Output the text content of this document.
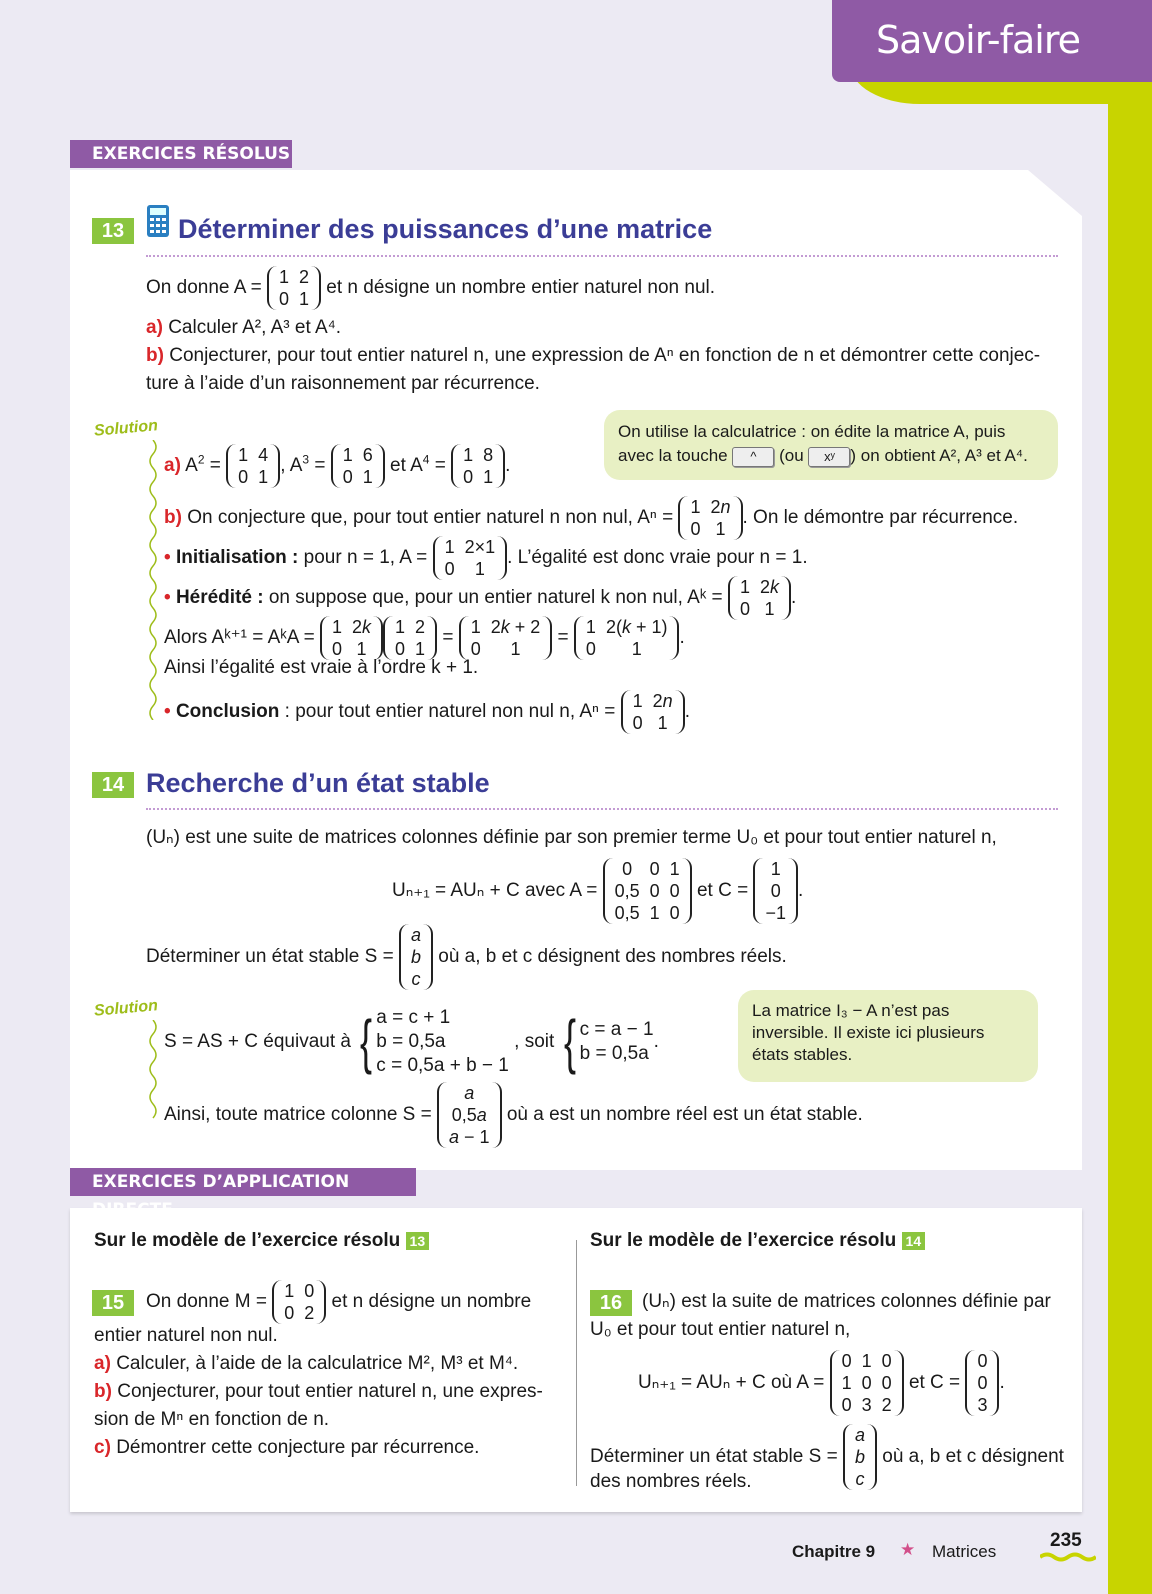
Savoir-faire
EXERCICES RÉSOLUS
13	Déterminer des puissances d’une matrice
On donne A =
1	2
0	1
et n désigne un nombre entier naturel non nul.
a) Calculer A², A³ et A⁴.
b) Conjecturer, pour tout entier naturel n, une expression de Aⁿ en fonction de n et démontrer cette conjec-
ture à l’aide d’un raisonnement par récurrence.
Solution
a) $A^2$ =
1	4
0	1
, $A^3$ =
1	6
0	1
et $A^4$ =
1	8
0	1
.
On utilise la calculatrice : on édite la matrice A, puis
avec la touche ^ (ou xʸ ) on obtient A², A³ et A⁴.
b) On conjecture que, pour tout entier naturel n non nul, Aⁿ =
1	2n
0	1
. On le démontre par récurrence.
• Initialisation : pour n = 1, A =
1	2×1
0	1
. L’égalité est donc vraie pour n = 1.
• Hérédité : on suppose que, pour un entier naturel k non nul, Aᵏ =
1	2k
0	1
.
Alors Aᵏ⁺¹ = AᵏA =
1	2k
0	1
1	2
0	1
=
1	2k + 2
0	1
=
1	2(k + 1)
0	1
.
Ainsi l’égalité est vraie à l’ordre k + 1.
• Conclusion : pour tout entier naturel non nul n, Aⁿ =
1	2n
0	1
.
14 Recherche d’un état stable
(Uₙ) est une suite de matrices colonnes définie par son premier terme U₀ et pour tout entier naturel n,
Uₙ₊₁ = AUₙ + C avec A =
0	0	1
0,5	0	0
0,5	1	0
et C =
1
0
−1
.
Déterminer un état stable S =
a
b
c
où a, b et c désignent des nombres réels.
Solution
S = AS + C équivaut à { a = c + 1
b = 0,5a
c = 0,5a + b − 1 , soit { c = a − 1
b = 0,5a.
La matrice I₃ − A n’est pas
inversible. Il existe ici plusieurs
états stables.
Ainsi, toute matrice colonne S =
a
0,5a
a − 1
où a est un nombre réel est un état stable.
EXERCICES D’APPLICATION
Sur le modèle de l’exercice résolu 13
15	On donne M =
1	0
0	2
et n désigne un nombre
entier naturel non nul.
a) Calculer, à l’aide de la calculatrice M², M³ et M⁴.
b) Conjecturer, pour tout entier naturel n, une expres-
sion de Mⁿ en fonction de n.
c) Démontrer cette conjecture par récurrence.
Sur le modèle de l’exercice résolu 14
16	(Uₙ) est la suite de matrices colonnes définie par
U₀ et pour tout entier naturel n,
Uₙ₊₁ = AUₙ + C où A =
0	1	0
1	0	0
0	3	2
et C =
0
0
3
.
Déterminer un état stable S =
a
b
c
où a, b et c désignent
des nombres réels.
Chapitre 9 ★ Matrices
235
